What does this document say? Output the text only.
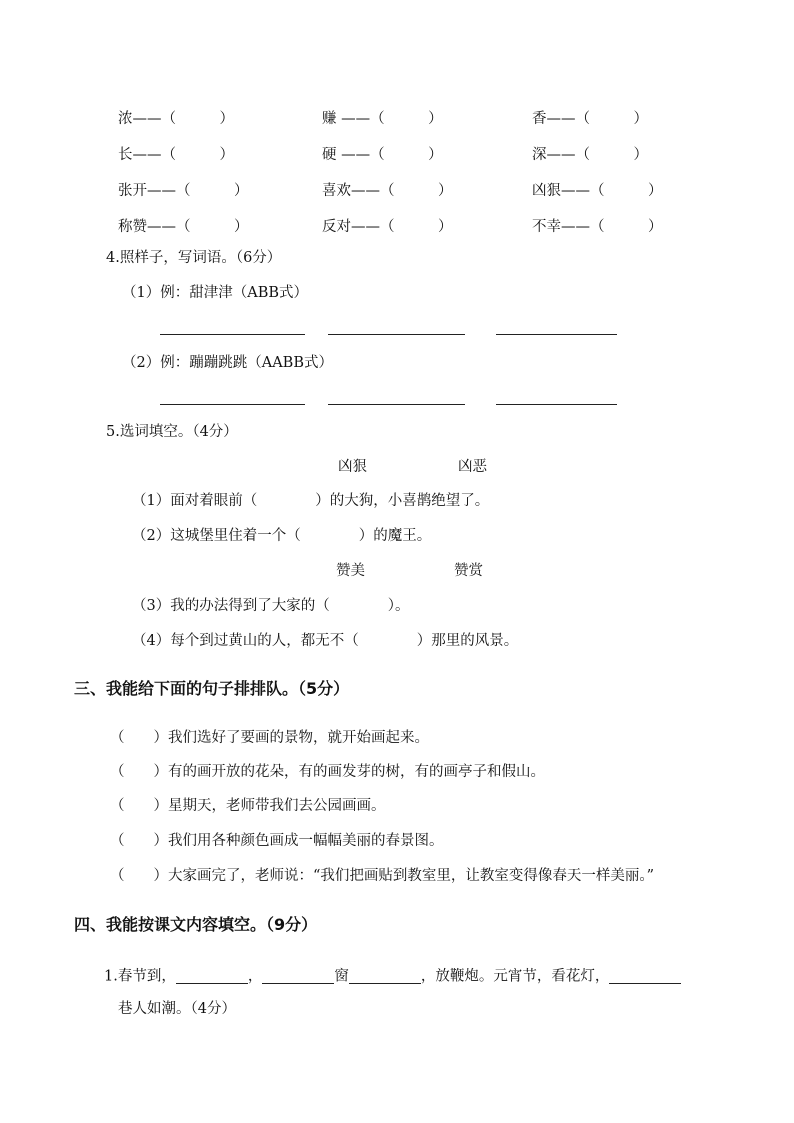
浓——（　　　）	赚 ——（　　　）	香——（　　　）
长——（　　　）	硬 ——（　　　）	深——（　　　）
张开——（　　　）	喜欢——（　　　）	凶狠——（　　　）
称赞——（　　　）	反对——（　　　）	不幸——（　　　）
4.照样子，写词语。（6分）
（1）例：甜津津（ABB式）
（2）例：蹦蹦跳跳（AABB式）
5.选词填空。（4分）
凶狠	凶恶
（1）面对着眼前（　　　　）的大狗，小喜鹊绝望了。
（2）这城堡里住着一个（　　　　）的魔王。
赞美	赞赏
（3）我的办法得到了大家的（　　　　）。
（4）每个到过黄山的人，都无不（　　　　）那里的风景。
三、我能给下面的句子排排队。（5分）
（　　）我们选好了要画的景物，就开始画起来。
（　　）有的画开放的花朵，有的画发芽的树，有的画亭子和假山。
（　　）星期天，老师带我们去公园画画。
（　　）我们用各种颜色画成一幅幅美丽的春景图。
（　　）大家画完了，老师说：“我们把画贴到教室里，让教室变得像春天一样美丽。”
四、我能按课文内容填空。（9分）
1.春节到，	，	窗	，放鞭炮。元宵节，看花灯，
巷人如潮。（4分）
